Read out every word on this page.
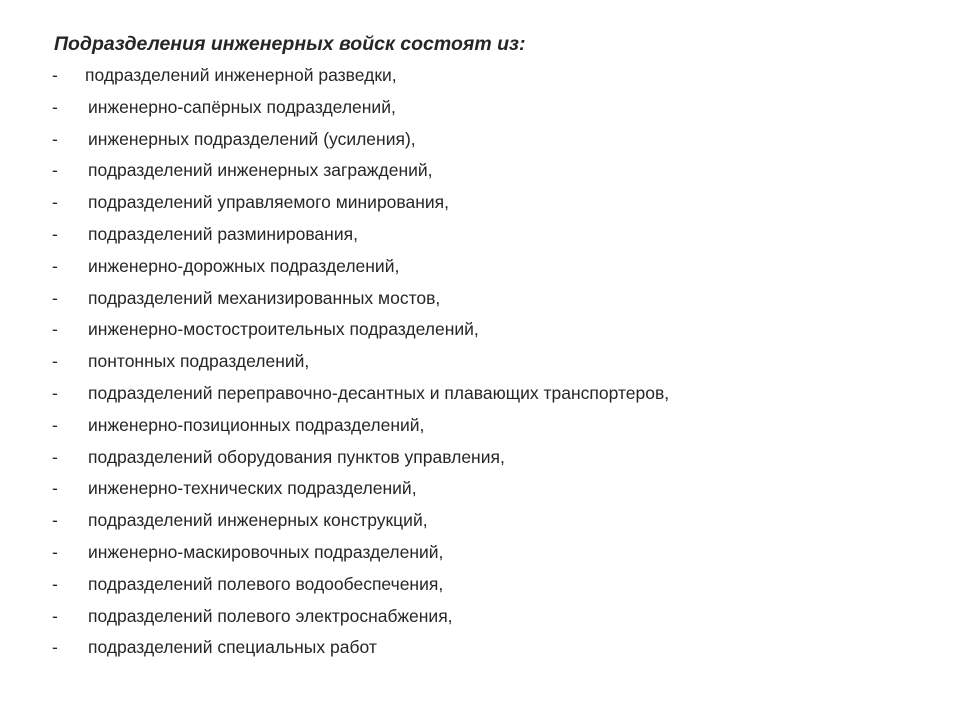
Подразделения инженерных войск состоят из:
- подразделений инженерной разведки,
- инженерно-сапёрных подразделений,
- инженерных подразделений (усиления),
- подразделений инженерных заграждений,
- подразделений управляемого минирования,
- подразделений разминирования,
- инженерно-дорожных подразделений,
- подразделений механизированных мостов,
- инженерно-мостостроительных подразделений,
- понтонных подразделений,
- подразделений переправочно-десантных и плавающих транспортеров,
- инженерно-позиционных подразделений,
- подразделений оборудования пунктов управления,
- инженерно-технических подразделений,
- подразделений инженерных конструкций,
- инженерно-маскировочных подразделений,
- подразделений полевого водообеспечения,
- подразделений полевого электроснабжения,
- подразделений специальных работ
